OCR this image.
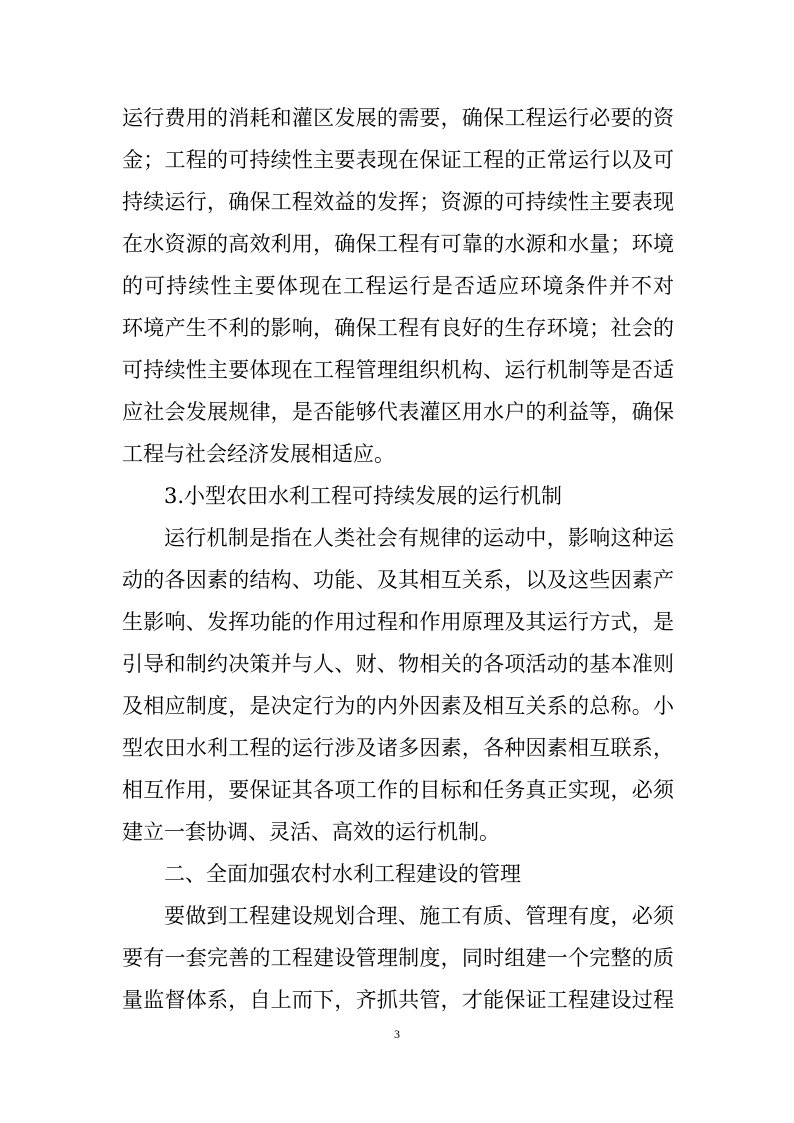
运行费用的消耗和灌区发展的需要，确保工程运行必要的资
金；工程的可持续性主要表现在保证工程的正常运行以及可
持续运行，确保工程效益的发挥；资源的可持续性主要表现
在水资源的高效利用，确保工程有可靠的水源和水量；环境
的可持续性主要体现在工程运行是否适应环境条件并不对
环境产生不利的影响，确保工程有良好的生存环境；社会的
可持续性主要体现在工程管理组织机构、运行机制等是否适
应社会发展规律，是否能够代表灌区用水户的利益等，确保
工程与社会经济发展相适应。
3.小型农田水利工程可持续发展的运行机制
运行机制是指在人类社会有规律的运动中，影响这种运
动的各因素的结构、功能、及其相互关系，以及这些因素产
生影响、发挥功能的作用过程和作用原理及其运行方式，是
引导和制约决策并与人、财、物相关的各项活动的基本准则
及相应制度，是决定行为的内外因素及相互关系的总称。小
型农田水利工程的运行涉及诸多因素，各种因素相互联系，
相互作用，要保证其各项工作的目标和任务真正实现，必须
建立一套协调、灵活、高效的运行机制。
二、全面加强农村水利工程建设的管理
要做到工程建设规划合理、施工有质、管理有度，必须
要有一套完善的工程建设管理制度，同时组建一个完整的质
量监督体系，自上而下，齐抓共管，才能保证工程建设过程
3
